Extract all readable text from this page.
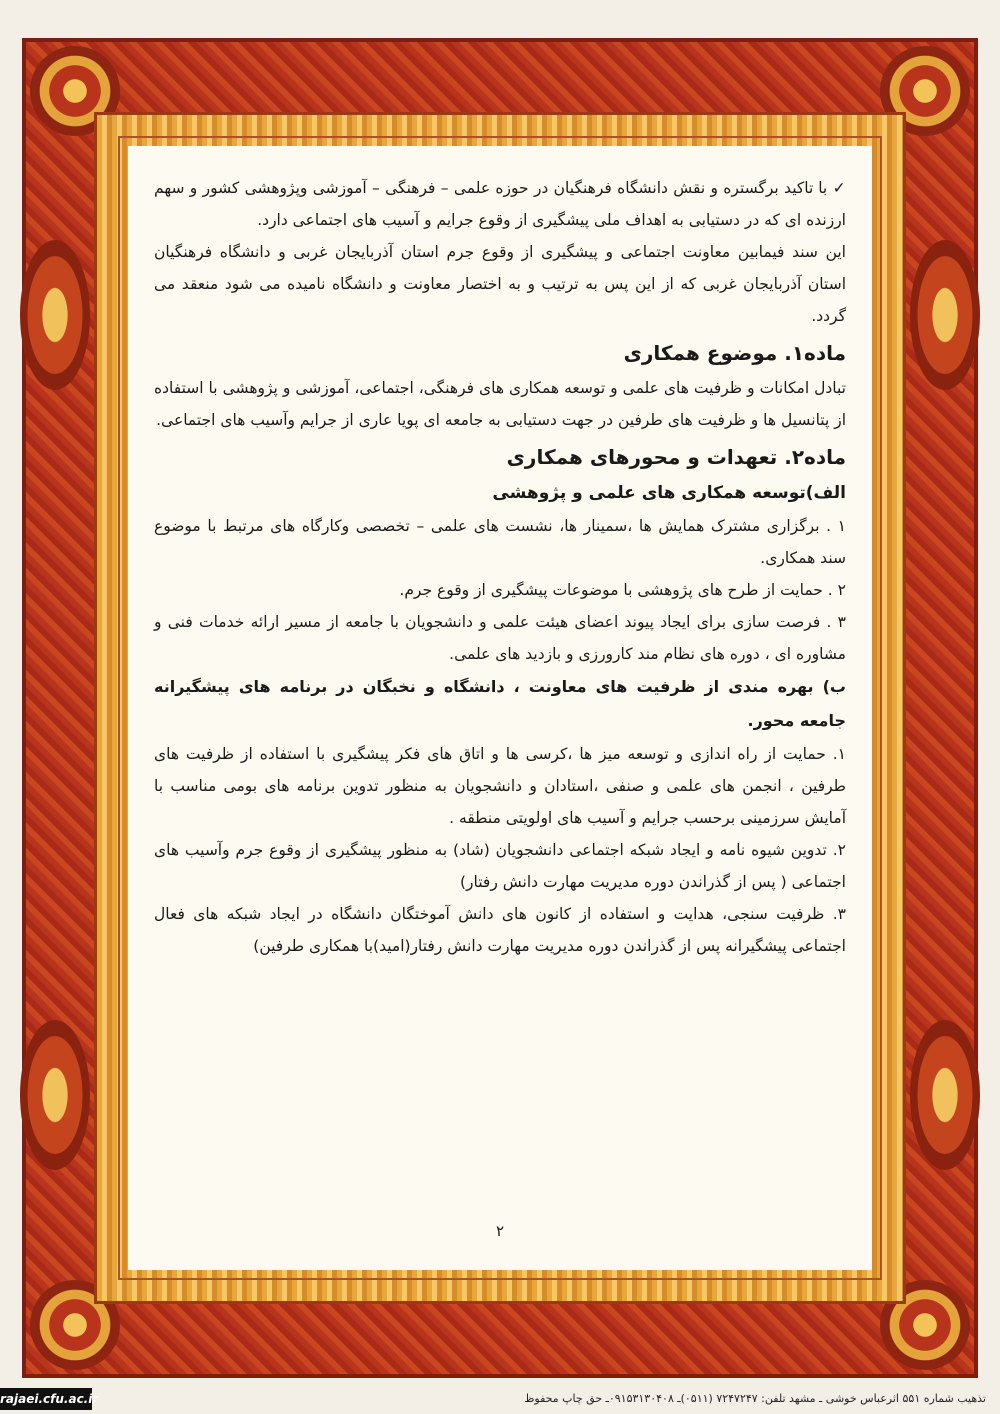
✓ با تاکید برگستره و نقش دانشگاه فرهنگیان در حوزه علمی – فرهنگی – آموزشی وپژوهشی کشور و سهم ارزنده ای که در دستیابی به اهداف ملی پیشگیری از وقوع جرایم و آسیب های اجتماعی دارد.

این سند فیمابین معاونت اجتماعی و پیشگیری از وقوع جرم استان آذربایجان غربی و دانشگاه فرهنگیان استان آذربایجان غربی که از این پس به ترتیب و به اختصار معاونت و دانشگاه نامیده می شود منعقد می گردد.

ماده۱. موضوع همکاری

تبادل امکانات و ظرفیت های علمی و توسعه همکاری های فرهنگی، اجتماعی، آموزشی و پژوهشی با استفاده از پتانسیل ها و ظرفیت های طرفین در جهت دستیابی به جامعه ای پویا عاری از جرایم وآسیب های اجتماعی.

ماده۲. تعهدات و محورهای همکاری
الف)توسعه همکاری های علمی و پژوهشی

۱ . برگزاری مشترک همایش ها ،سمینار ها، نشست های علمی – تخصصی وکارگاه های مرتبط با موضوع سند همکاری.

۲ . حمایت از طرح های پژوهشی با موضوعات پیشگیری از وقوع جرم.

۳ . فرصت سازی برای ایجاد پیوند اعضای هیئت علمی و دانشجویان با جامعه از مسیر ارائه خدمات فنی و مشاوره ای ، دوره های نظام مند کارورزی و بازدید های علمی.

ب) بهره مندی از ظرفیت های معاونت ، دانشگاه و نخبگان در برنامه های پیشگیرانه جامعه محور.

۱. حمایت از راه اندازی و توسعه میز ها ،کرسی ها و اتاق های فکر پیشگیری با استفاده از ظرفیت های طرفین ، انجمن های علمی و صنفی ،استادان و دانشجویان به منظور تدوین برنامه های بومی مناسب با آمایش سرزمینی برحسب جرایم و آسیب های اولویتی منطقه .

۲. تدوین شیوه نامه و ایجاد شبکه اجتماعی دانشجویان (شاد) به منظور پیشگیری از وقوع جرم وآسیب های اجتماعی ( پس از گذراندن دوره مدیریت مهارت دانش رفتار)

۳. ظرفیت سنجی، هدایت و استفاده از کانون های دانش آموختگان دانشگاه در ایجاد شبکه های فعال اجتماعی پیشگیرانه پس از گذراندن دوره مدیریت مهارت دانش رفتار(امید)با همکاری طرفین)

۲
rajaei.cfu.ac.ir	تذهیب شماره ۵۵۱ اثرعباس خوشی ـ مشهد تلفن: ۷۲۴۷۲۴۷ (۰۵۱۱)ـ ۰۹۱۵۳۱۳۰۴۰۸ـ حق چاپ محفوظ
